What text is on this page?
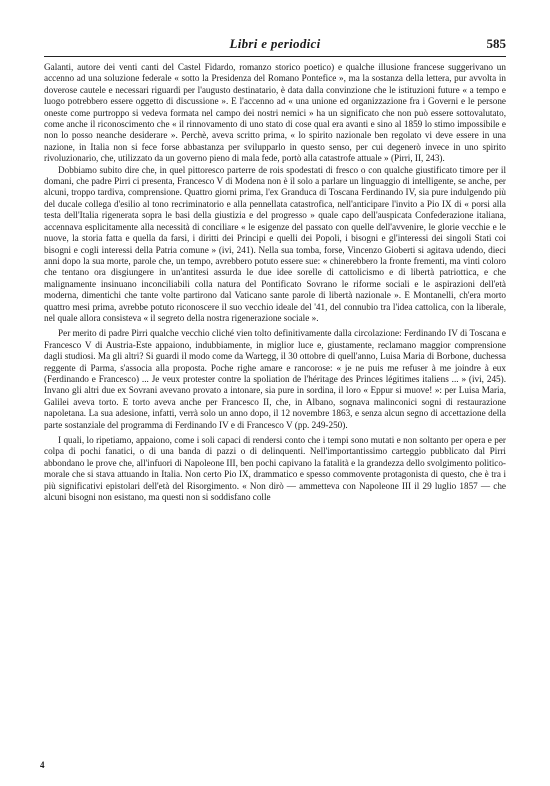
Libri e periodici	585

Galanti, autore dei venti canti del Castel Fidardo, romanzo storico poetico) e qualche illusione francese suggerivano un accenno ad una soluzione federale « sotto la Presidenza del Romano Pontefice », ma la sostanza della lettera, pur avvolta in doverose cautele e necessari riguardi per l'augusto destinatario, è data dalla convinzione che le istituzioni future « a tempo e luogo potrebbero essere oggetto di discussione ». E l'accenno ad « una unione ed organizzazione fra i Governi e le persone oneste come purtroppo si vedeva formata nel campo dei nostri nemici » ha un significato che non può essere sottovalutato, come anche il riconoscimento che « il rinnovamento di uno stato di cose qual era avanti e sino al 1859 lo stimo impossibile e non lo posso neanche desiderare ». Perchè, aveva scritto prima, « lo spirito nazionale ben regolato vi deve essere in una nazione, in Italia non si fece forse abbastanza per svilupparlo in questo senso, per cui degenerò invece in uno spirito rivoluzionario, che, utilizzato da un governo pieno di mala fede, portò alla catastrofe attuale » (Pirri, II, 243).

Dobbiamo subito dire che, in quel pittoresco parterre de rois spodestati di fresco o con qualche giustificato timore per il domani, che padre Pirri ci presenta, Francesco V di Modena non è il solo a parlare un linguaggio di intelligente, se anche, per alcuni, troppo tardiva, comprensione. Quattro giorni prima, l'ex Granduca di Toscana Ferdinando IV, sia pure indulgendo più del ducale collega d'esilio al tono recriminatorio e alla pennellata catastrofica, nell'anticipare l'invito a Pio IX di « porsi alla testa dell'Italia rigenerata sopra le basi della giustizia e del progresso » quale capo dell'auspicata Confederazione italiana, accennava esplicitamente alla necessità di conciliare « le esigenze del passato con quelle dell'avvenire, le glorie vecchie e le nuove, la storia fatta e quella da farsi, i diritti dei Principi e quelli dei Popoli, i bisogni e gl'interessi dei singoli Stati coi bisogni e cogli interessi della Patria comune » (ivi, 241). Nella sua tomba, forse, Vincenzo Gioberti si agitava udendo, dieci anni dopo la sua morte, parole che, un tempo, avrebbero potuto essere sue: « chinerebbero la fronte frementi, ma vinti coloro che tentano ora disgiungere in un'antitesi assurda le due idee sorelle di cattolicismo e di libertà patriottica, e che malignamente insinuano inconciliabili colla natura del Pontificato Sovrano le riforme sociali e le aspirazioni dell'età moderna, dimentichi che tante volte partirono dal Vaticano sante parole di libertà nazionale ». E Montanelli, ch'era morto quattro mesi prima, avrebbe potuto riconoscere il suo vecchio ideale del '41, del connubio tra l'idea cattolica, con la liberale, nel quale allora consisteva « il segreto della nostra rigenerazione sociale ».

Per merito di padre Pirri qualche vecchio cliché vien tolto definitivamente dalla circolazione: Ferdinando IV di Toscana e Francesco V di Austria-Este appaiono, indubbiamente, in miglior luce e, giustamente, reclamano maggior comprensione dagli studiosi. Ma gli altri? Si guardi il modo come da Wartegg, il 30 ottobre di quell'anno, Luisa Maria di Borbone, duchessa reggente di Parma, s'associa alla proposta. Poche righe amare e rancorose: « je ne puis me refuser à me joindre à eux (Ferdinando e Francesco) ... Je veux protester contre la spoliation de l'héritage des Princes légitimes italiens ... » (ivi, 245). Invano gli altri due ex Sovrani avevano provato a intonare, sia pure in sordina, il loro « Eppur si muove! »: per Luisa Maria, Galilei aveva torto. E torto aveva anche per Francesco II, che, in Albano, sognava malinconici sogni di restaurazione napoletana. La sua adesione, infatti, verrà solo un anno dopo, il 12 novembre 1863, e senza alcun segno di accettazione della parte sostanziale del programma di Ferdinando IV e di Francesco V (pp. 249-250).

I quali, lo ripetiamo, appaiono, come i soli capaci di rendersi conto che i tempi sono mutati e non soltanto per opera e per colpa di pochi fanatici, o di una banda di pazzi o di delinquenti. Nell'importantissimo carteggio pubblicato dal Pirri abbondano le prove che, all'infuori di Napoleone III, ben pochi capivano la fatalità e la grandezza dello svolgimento politico-morale che si stava attuando in Italia. Non certo Pio IX, drammatico e spesso commovente protagonista di questo, che è tra i più significativi epistolari dell'età del Risorgimento. « Non dirò — ammetteva con Napoleone III il 29 luglio 1857 — che alcuni bisogni non esistano, ma questi non si soddisfano colle

4
